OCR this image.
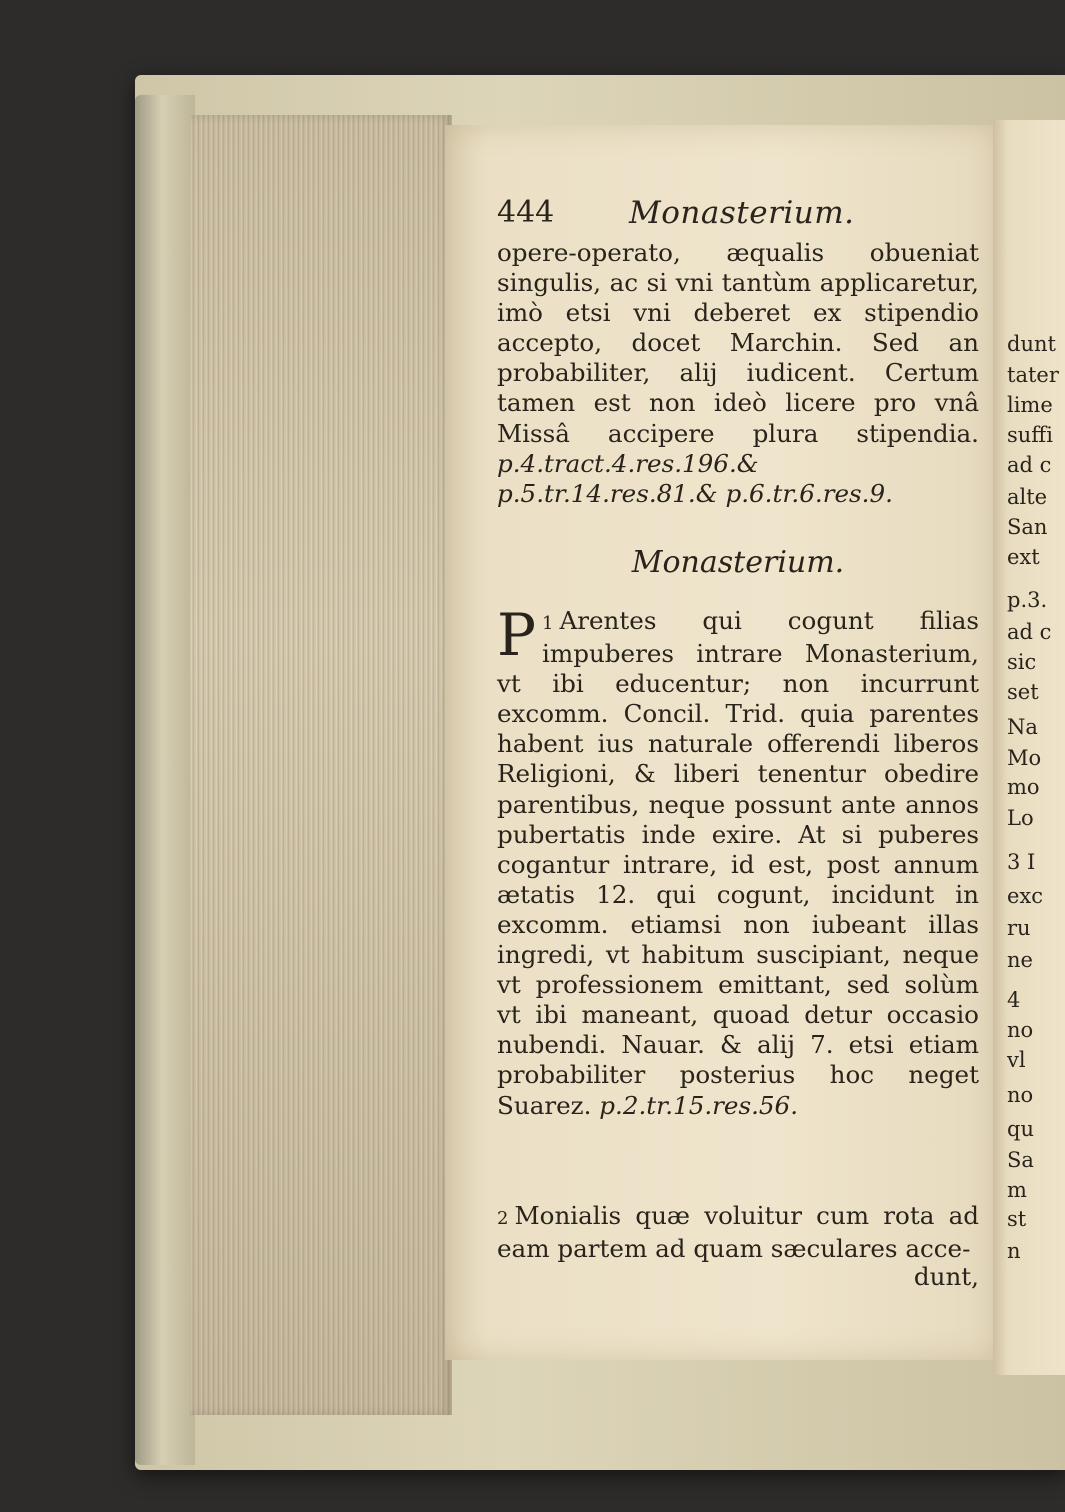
444 Monasterium.

opere-operato, æqualis obueniat singulis, ac si vni tantùm applicaretur, imò etsi vni deberet ex stipendio accepto, docet Marchin. Sed an probabiliter, alij iudicent. Certum tamen est non ideò licere pro vnâ Missâ accipere plura stipendia. p.4.tract.4.res.196.& p.5.tr.14.res.81.& p.6.tr.6.res.9.

Monasterium.
1
P Arentes qui cogunt filias impuberes intrare Monasterium, vt ibi educentur; non incurrunt excomm. Concil. Trid. quia parentes habent ius naturale offerendi liberos Religioni, & liberi tenentur obedire parentibus, neque possunt ante annos pubertatis inde exire. At si puberes cogantur intrare, id est, post annum ætatis 12. qui cogunt, incidunt in excomm. etiamsi non iubeant illas ingredi, vt habitum suscipiant, neque vt professionem emittant, sed solùm vt ibi maneant, quoad detur occasio nubendi. Nauar. & alij 7. etsi etiam probabiliter posterius hoc neget Suarez. p.2.tr.15.res.56.
2 Monialis quæ voluitur cum rota ad eam partem ad quam sæculares acce-
dunt,
dunt
tater
lime
suffi
ad c
alte
San
ext
p.3.
ad c
sic
set
Na
Mo
mo
Lo
3 I
exc
ru
ne
4
no
vl
no
qu
Sa
m
st
n
